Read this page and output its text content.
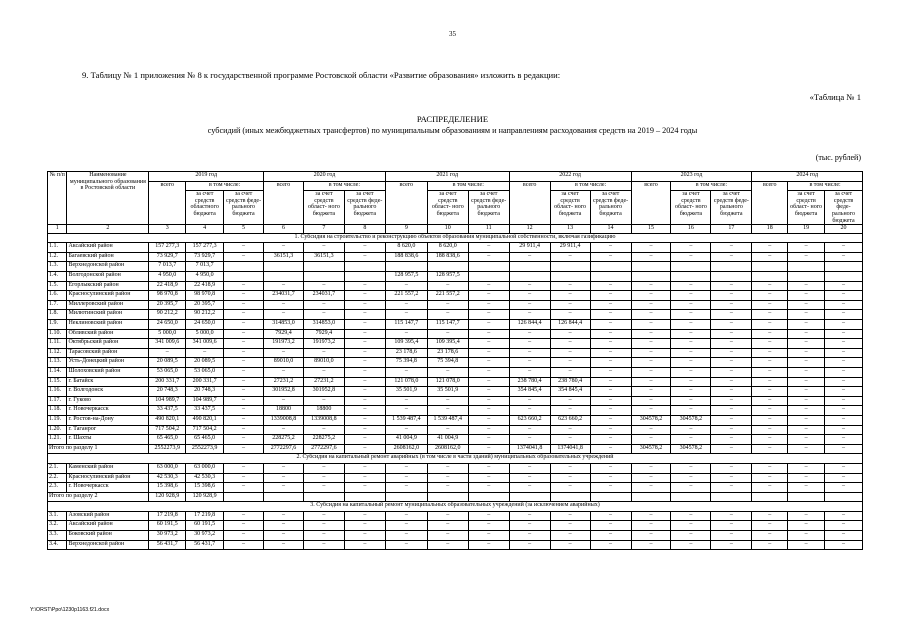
35
9. Таблицу № 1 приложения № 8 к государственной программе Ростовской области «Развитие образования» изложить в редакции:
«Таблица № 1
РАСПРЕДЕЛЕНИЕ
субсидий (иных межбюджетных трансфертов) по муниципальным образованиям и направлениям расходования средств на 2019 – 2024 годы
(тыс. рублей)
№ п/п	Наименование муниципального образования в Ростовской области	2019 год			2020 год			2021 год			2022 год			2023 год			2024 год		
		всего	в том числе:		всего	в том числе:		всего	в том числе:		всего	в том числе:		всего	в том числе:		всего	в том числе:	
			за счет средств областного бюджета	за счет средств феде- рального бюджета		за счет средств област- ного бюджета	за счет средств феде- рального бюджета		за счет средств област- ного бюджета	за счет средств феде- рального бюджета		за счет средств област- ного бюджета	за счет средств феде- рального бюджета		за счет средств област- ного бюджета	за счет средств феде- рального бюджета		за счет средств област- ного бюджета	за счет средств феде- рального бюджета
1	2	3	4	5	6	7	8	9	10	11	12	13	14	15	16	17	18	19	20
1. Субсидия на строительство и реконструкцию объектов образования муниципальной собственности, включая газификацию																			
1.1.	Аксайский район	157 277,3	157 277,3	–	–	–	–	8 620,0	8 620,0	–	29 911,4	29 911,4	–	–	–	–	–	–	–
1.2.	Багаевский район	73 929,7	73 929,7	–	36151,3	36151,3	–	188 838,6	188 838,6	–	–	–	–	–	–	–	–	–	–
1.3.	Верхнедонской район	7 013,7	7 013,7																
1.4.	Волгодонской район	4 950,0	4 950,0					128 957,5	128 957,5										
1.5.	Егорлыкский район	22 418,9	22 418,9	–	–	–	–	–	–	–	–	–	–	–	–	–	–	–	–
1.6.	Красносулинский район	98 970,8	98 970,8	–	234031,7	234031,7	–	221 557,2	221 557,2	–	–	–	–	–	–	–	–	–	–
1.7.	Миллеровский район	20 395,7	20 395,7	–	–	–	–	–	–	–	–	–	–	–	–	–	–	–	–
1.8.	Милютинский район	90 212,2	90 212,2	–	–	–	–	–	–	–	–	–	–	–	–	–	–	–	–
1.9.	Неклиновский район	24 650,0	24 650,0	–	314853,0	314853,0	–	115 147,7	115 147,7	–	126 844,4	126 844,4	–	–	–	–	–	–	–
1.10.	Обливский район	5 000,0	5 000,0	–	7929,4	7929,4	–	–	–	–	–	–	–	–	–	–	–	–	–
1.11.	Октябрьский район	341 009,6	341 009,6	–	191973,2	191973,2	–	109 395,4	109 395,4	–	–	–	–	–	–	–	–	–	–
1.12.	Тарасовский район	–	–	–	–	–	–	23 178,6	23 178,6	–	–	–	–	–	–	–	–	–	–
1.13.	Усть-Донецкий район	20 089,5	20 089,5	–	89010,0	89010,0	–	75 394,8	75 394,8	–	–	–	–	–	–	–	–	–	–
1.14.	Шолоховский район	53 065,0	53 065,0	–	–	–	–	–	–	–	–	–	–	–	–	–	–	–	–
1.15.	г. Батайск	200 331,7	200 331,7	–	27231,2	27231,2	–	121 078,0	121 078,0	–	238 780,4	238 780,4	–	–	–	–	–	–	–
1.16.	г. Волгодонск	20 748,3	20 748,3	–	301952,8	301952,8	–	35 501,9	35 501,9	–	354 845,4	354 845,4	–	–	–	–	–	–	–
1.17.	г. Гуково	104 989,7	104 989,7	–	–	–	–	–	–	–	–	–	–	–	–	–	–	–	–
1.18.	г. Новочеркасск	33 437,5	33 437,5	–	18800	18800	–	–	–	–	–	–	–	–	–	–	–	–	–
1.19.	г. Ростов-на-Дону	490 820,1	490 820,1	–	1339008,8	1339008,8	–	1 539 487,4	1 539 487,4	–	623 660,2	623 660,2	–	304578,2	304578,2	–	–	–	–
1.20.	г. Таганрог	717 504,2	717 504,2	–	–	–	–	–	–	–	–	–	–	–	–	–	–	–	–
1.21.	г. Шахты	65 465,0	65 465,0	–	228275,2	228275,2	–	41 004,9	41 004,9	–	–	–	–	–	–	–	–	–	–
Итого по разделу 1		2552273,9	2552273,9	–	2772297,6	2772297,6	–	2608162,0	2608162,0	–	1374041,8	1374041,8	–	304578,2	304578,2	–	–	–	–
2. Субсидия на капитальный ремонт аварийных (в том числе в части зданий) муниципальных образовательных учреждений																			
2.1.	Каменский район	63 000,0	63 000,0	–	–	–	–	–	–	–	–	–	–	–	–	–	–	–	–
2.2.	Красносулинский район	42 530,3	42 530,3	–	–	–	–	–	–	–	–	–	–	–	–	–	–	–	–
2.3.	г. Новочеркасск	15 398,6	15 398,6	–	–	–	–	–	–	–	–	–	–	–	–	–	–	–	–
Итого по разделу 2		120 928,9	120 928,9																
3. Субсидия на капитальный ремонт муниципальных образовательных учреждений (за исключением аварийных)																			
3.1.	Азовский район	17 219,8	17 219,8	–	–	–	–	–	–	–	–	–	–	–	–	–	–	–	–
3.2.	Аксайский район	60 191,5	60 191,5	–	–	–	–	–	–	–	–	–	–	–	–	–	–	–	–
3.3.	Боковский район	30 973,2	30 973,2	–	–	–	–	–	–	–	–	–	–	–	–	–	–	–	–
3.4.	Верхнедонской район	56 431,7	56 431,7	–	–	–	–	–	–	–	–	–	–	–	–	–	–	–	–
Y:\ORST\Ppo\1230p1163.f21.docx
